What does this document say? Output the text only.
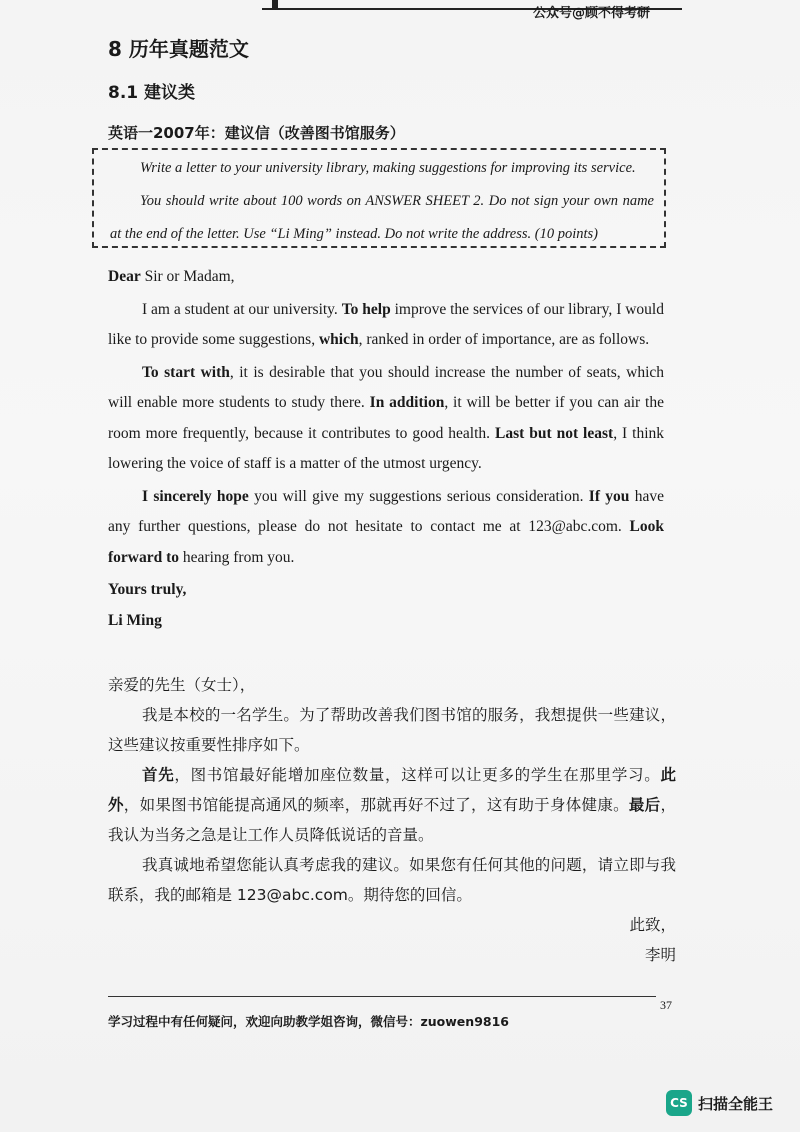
公众号@顾不得考研
8 历年真题范文
8.1 建议类
英语一2007年：建议信（改善图书馆服务）
Write a letter to your university library, making suggestions for improving its service.
You should write about 100 words on ANSWER SHEET 2. Do not sign your own name at the end of the letter. Use “Li Ming” instead. Do not write the address. (10 points)

Dear Sir or Madam,

I am a student at our university. To help improve the services of our library, I would like to provide some suggestions, which, ranked in order of importance, are as follows.

To start with, it is desirable that you should increase the number of seats, which will enable more students to study there. In addition, it will be better if you can air the room more frequently, because it contributes to good health. Last but not least, I think lowering the voice of staff is a matter of the utmost urgency.

I sincerely hope you will give my suggestions serious consideration. If you have any further questions, please do not hesitate to contact me at 123@abc.com. Look forward to hearing from you.

Yours truly,

Li Ming

亲爱的先生（女士），

我是本校的一名学生。为了帮助改善我们图书馆的服务，我想提供一些建议，这些建议按重要性排序如下。

首先，图书馆最好能增加座位数量，这样可以让更多的学生在那里学习。此外，如果图书馆能提高通风的频率，那就再好不过了，这有助于身体健康。最后，我认为当务之急是让工作人员降低说话的音量。

我真诚地希望您能认真考虑我的建议。如果您有任何其他的问题，请立即与我联系，我的邮箱是 123@abc.com。期待您的回信。

此致，

李明

37
学习过程中有任何疑问，欢迎向助教学姐咨询，微信号：zuowen9816
CS 扫描全能王
